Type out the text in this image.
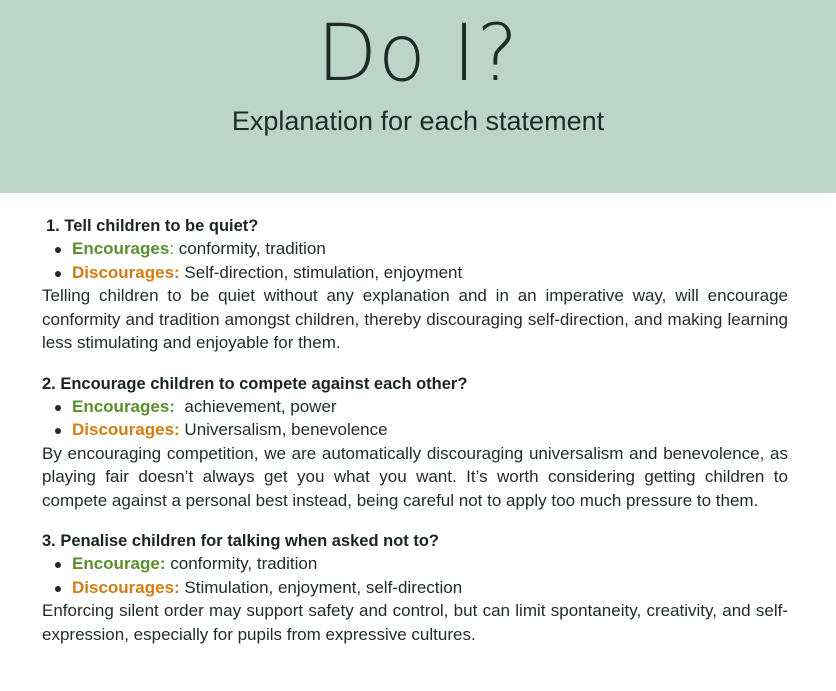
Do I?
Explanation for each statement

1. Tell children to be quiet?

Encourages: conformity, tradition
Discourages: Self-direction, stimulation, enjoyment

Telling children to be quiet without any explanation and in an imperative way, will encourage conformity and tradition amongst children, thereby discouraging self-direction, and making learning less stimulating and enjoyable for them.

2. Encourage children to compete against each other?

Encourages:  achievement, power
Discourages: Universalism, benevolence

By encouraging competition, we are automatically discouraging universalism and benevolence, as playing fair doesn’t always get you what you want. It’s worth considering getting children to compete against a personal best instead, being careful not to apply too much pressure to them.

3. Penalise children for talking when asked not to?

Encourage: conformity, tradition
Discourages: Stimulation, enjoyment, self-direction

Enforcing silent order may support safety and control, but can limit spontaneity, creativity, and self-expression, especially for pupils from expressive cultures.
